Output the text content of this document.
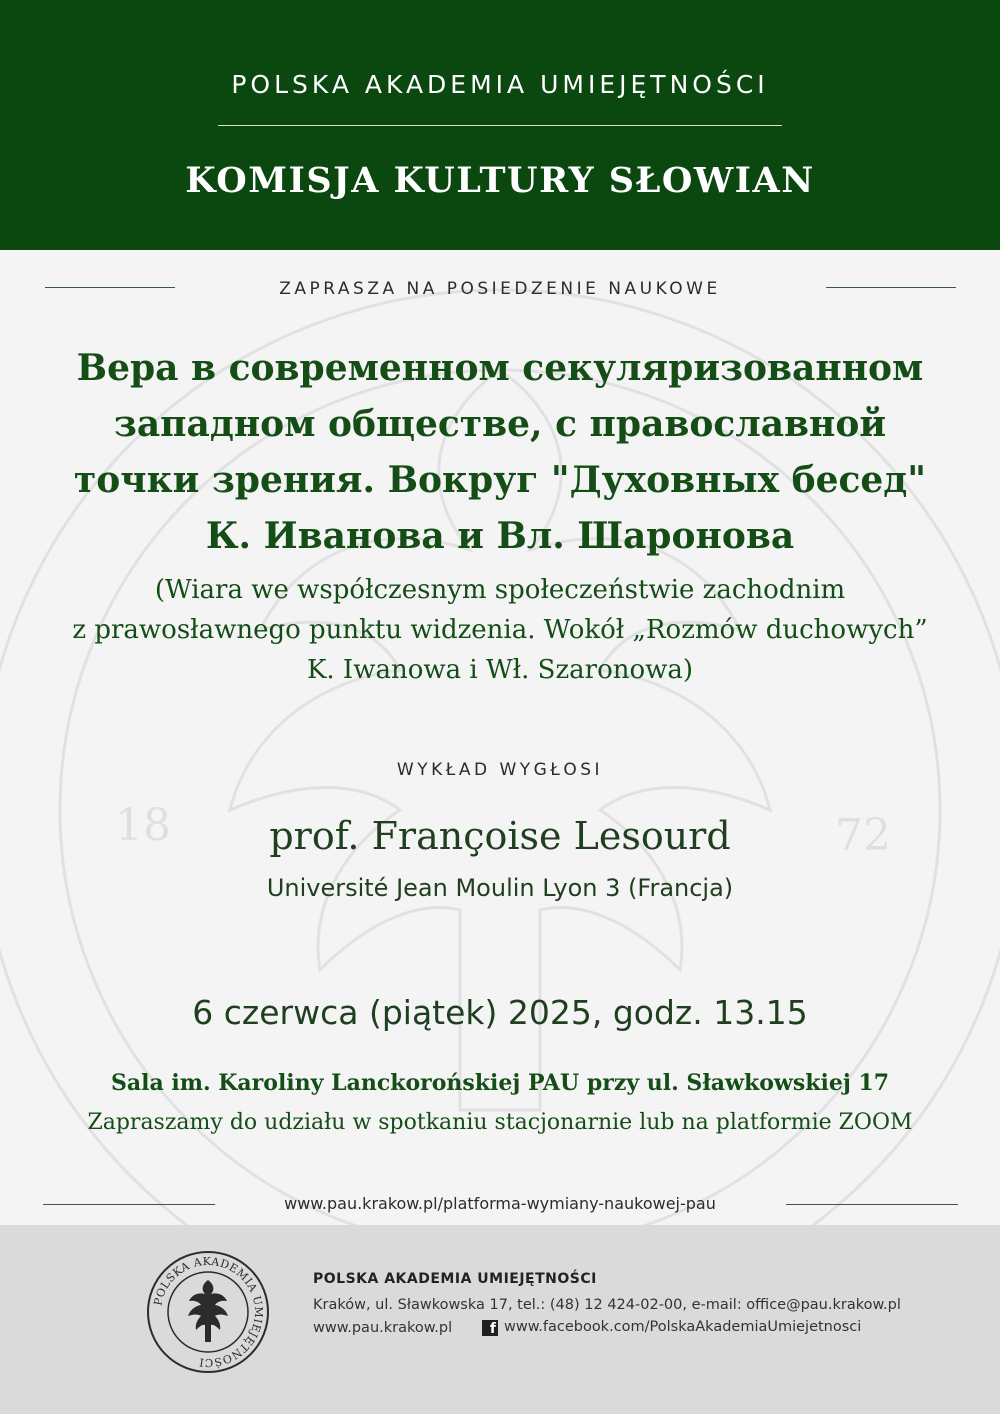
POLSKA AKADEMIA UMIEJĘTNOŚCI
KOMISJA KULTURY SŁOWIAN
18	72
ZAPRASZA NA POSIEDZENIE NAUKOWE
Вера в современном секуляризованном
западном обществе, с православной
точки зрения. Вокруг "Духовных бесед"
К. Иванова и Вл. Шаронова
(Wiara we współczesnym społeczeństwie zachodnim
z prawosławnego punktu widzenia. Wokół „Rozmów duchowych”
K. Iwanowa i Wł. Szaronowa)
WYKŁAD WYGŁOSI
prof. Françoise Lesourd
Université Jean Moulin Lyon 3 (Francja)
6 czerwca (piątek) 2025, godz. 13.15
Sala im. Karoliny Lanckorońskiej PAU przy ul. Sławkowskiej 17
Zapraszamy do udziału w spotkaniu stacjonarnie lub na platformie ZOOM
www.pau.krakow.pl/platforma-wymiany-naukowej-pau
POLSKA AKADEMIA UMIEJĘTNOŚCI
POLSKA AKADEMIA UMIEJĘTNOŚCI
Kraków, ul. Sławkowska 17, tel.: (48) 12 424-02-00, e-mail: office@pau.krakow.pl
www.pau.krakow.pl	f www.facebook.com/PolskaAkademiaUmiejetnosci
